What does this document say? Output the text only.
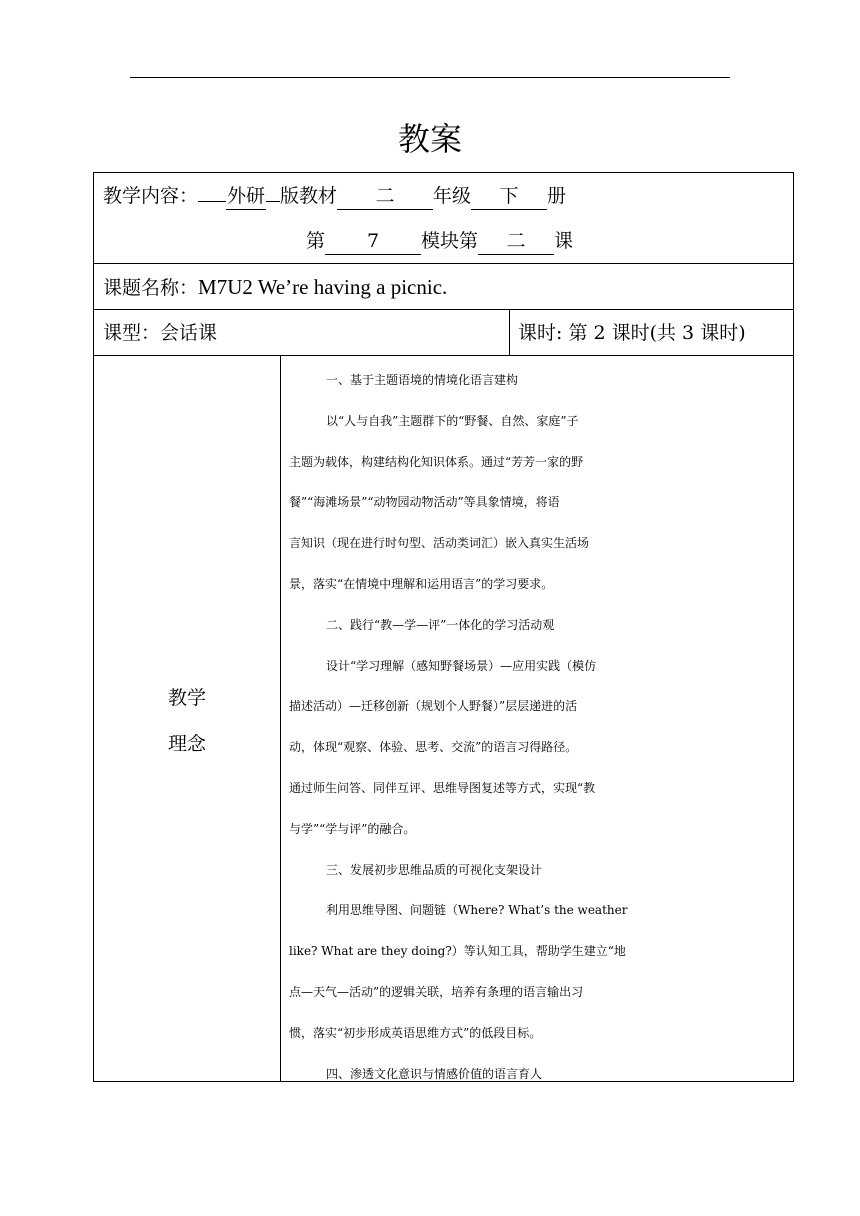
教案
教学内容： 外研 版教材 二 年级 下 册
第 7 模块第 二 课
课题名称：M7U2 We’re having a picnic.
课型：会话课	课时: 第 2 课时(共 3 课时)
教学
理念
一、基于主题语境的情境化语言建构
以“人与自我”主题群下的“野餐、自然、家庭”子
主题为载体，构建结构化知识体系。通过“芳芳一家的野
餐”“海滩场景”“动物园动物活动”等具象情境，将语
言知识（现在进行时句型、活动类词汇）嵌入真实生活场
景，落实“在情境中理解和运用语言”的学习要求。
二、践行“教—学—评”一体化的学习活动观
设计“学习理解（感知野餐场景）—应用实践（模仿
描述活动）—迁移创新（规划个人野餐）”层层递进的活
动，体现“观察、体验、思考、交流”的语言习得路径。
通过师生问答、同伴互评、思维导图复述等方式，实现“教
与学”“学与评”的融合。
三、发展初步思维品质的可视化支架设计
利用思维导图、问题链（Where? What’s the weather
like? What are they doing?）等认知工具，帮助学生建立“地
点—天气—活动”的逻辑关联，培养有条理的语言输出习
惯，落实“初步形成英语思维方式”的低段目标。
四、渗透文化意识与情感价值的语言育人
